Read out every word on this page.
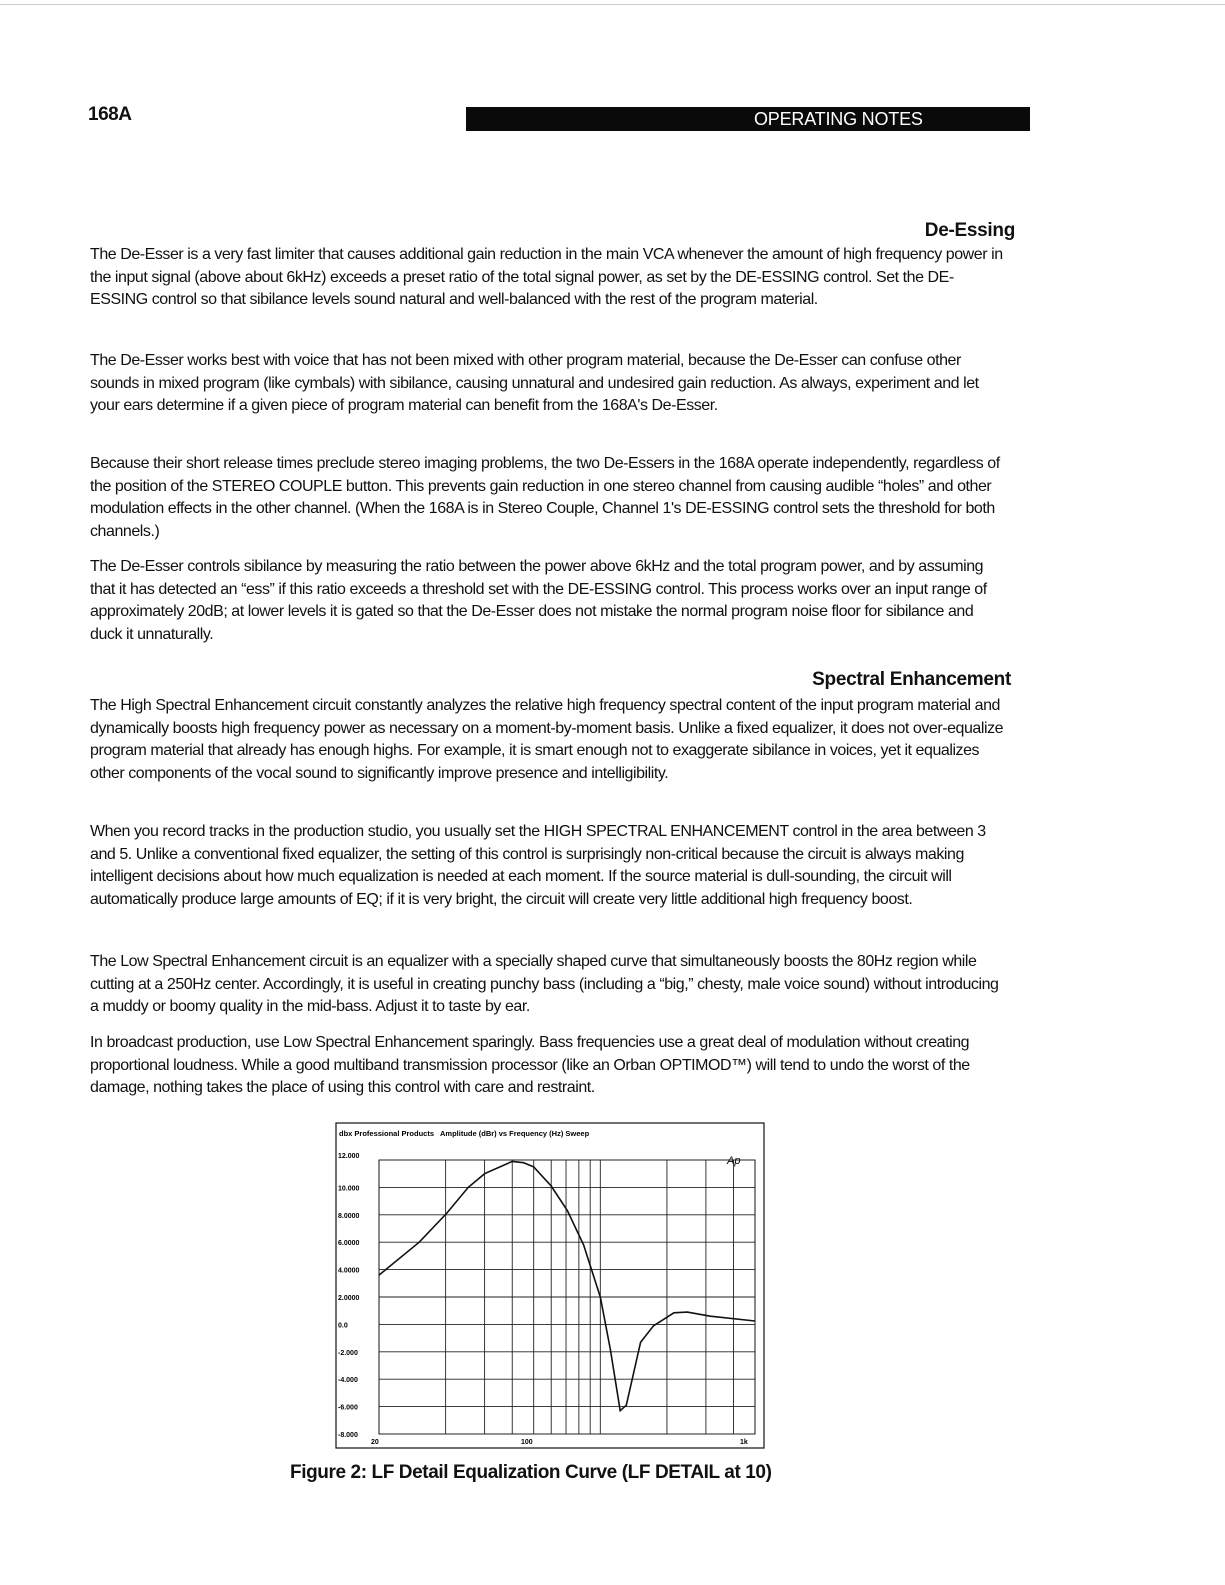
168A	OPERATING NOTES
De-Essing

The De-Esser is a very fast limiter that causes additional gain reduction in the main VCA whenever the amount of high frequency power in the input signal (above about 6kHz) exceeds a preset ratio of the total signal power, as set by the DE-ESSING control. Set the DE-ESSING control so that sibilance levels sound natural and well-balanced with the rest of the program material.

The De-Esser works best with voice that has not been mixed with other program material, because the De-Esser can confuse other sounds in mixed program (like cymbals) with sibilance, causing unnatural and undesired gain reduction. As always, experiment and let your ears determine if a given piece of program material can benefit from the 168A's De-Esser.

Because their short release times preclude stereo imaging problems, the two De-Essers in the 168A operate independently, regardless of the position of the STEREO COUPLE button. This prevents gain reduction in one stereo channel from causing audible “holes” and other modulation effects in the other channel. (When the 168A is in Stereo Couple, Channel 1's DE-ESSING control sets the threshold for both channels.)

The De-Esser controls sibilance by measuring the ratio between the power above 6kHz and the total program power, and by assuming that it has detected an “ess” if this ratio exceeds a threshold set with the DE-ESSING control. This process works over an input range of approximately 20dB; at lower levels it is gated so that the De-Esser does not mistake the normal program noise floor for sibilance and duck it unnaturally.

Spectral Enhancement

The High Spectral Enhancement circuit constantly analyzes the relative high frequency spectral content of the input program material and dynamically boosts high frequency power as necessary on a moment-by-moment basis. Unlike a fixed equalizer, it does not over-equalize program material that already has enough highs. For example, it is smart enough not to exaggerate sibilance in voices, yet it equalizes other components of the vocal sound to significantly improve presence and intelligibility.

When you record tracks in the production studio, you usually set the HIGH SPECTRAL ENHANCEMENT control in the area between 3 and 5. Unlike a conventional fixed equalizer, the setting of this control is surprisingly non-critical because the circuit is always making intelligent decisions about how much equalization is needed at each moment. If the source material is dull-sounding, the circuit will automatically produce large amounts of EQ; if it is very bright, the circuit will create very little additional high frequency boost.

The Low Spectral Enhancement circuit is an equalizer with a specially shaped curve that simultaneously boosts the 80Hz region while cutting at a 250Hz center. Accordingly, it is useful in creating punchy bass (including a “big,” chesty, male voice sound) without introducing a muddy or boomy quality in the mid-bass. Adjust it to taste by ear.

In broadcast production, use Low Spectral Enhancement sparingly. Bass frequencies use a great deal of modulation without creating proportional loudness. While a good multiband transmission processor (like an Orban OPTIMOD™) will tend to undo the worst of the damage, nothing takes the place of using this control with care and restraint.

dbx Professional Products   Amplitude (dBr) vs Frequency (Hz) Sweep
Ap
12.000
10.000
8.0000
6.0000
4.0000
2.0000
0.0
-2.000
-4.000
-6.000
-8.000
20	100	1k
Figure 2: LF Detail Equalization Curve (LF DETAIL at 10)
